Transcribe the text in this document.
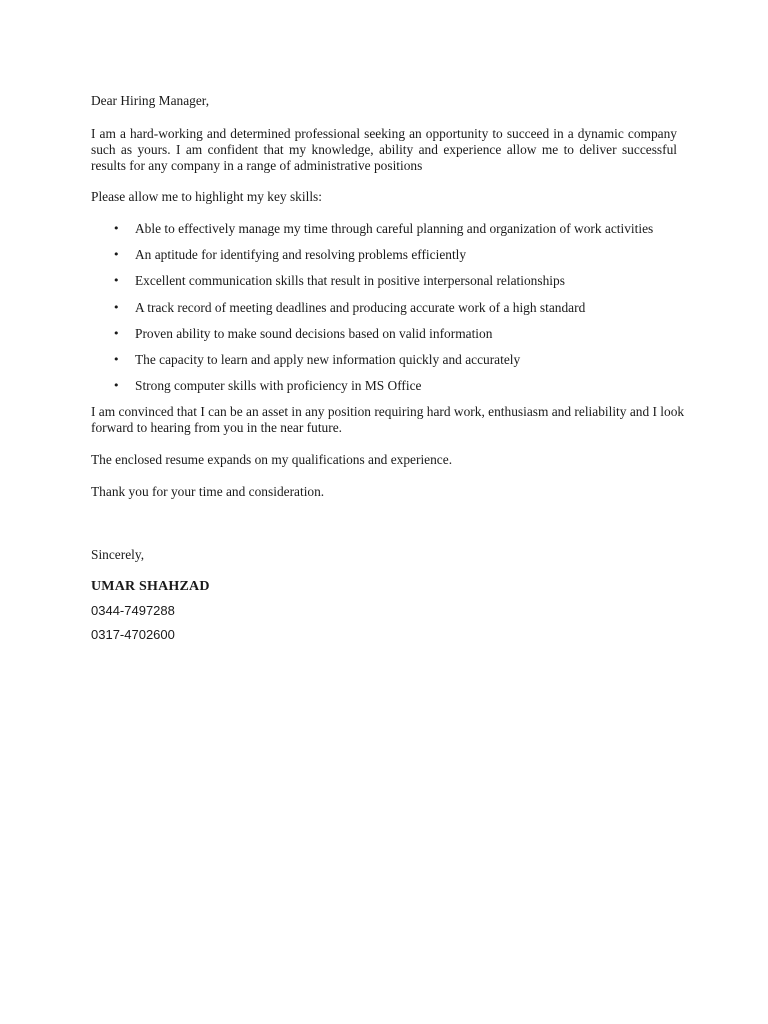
Dear Hiring Manager,

I am a hard-working and determined professional seeking an opportunity to succeed in a dynamic company such as yours. I am confident that my knowledge, ability and experience allow me to deliver successful results for any company in a range of administrative positions

Please allow me to highlight my key skills:

• Able to effectively manage my time through careful planning and organization of work activities
• An aptitude for identifying and resolving problems efficiently
• Excellent communication skills that result in positive interpersonal relationships
• A track record of meeting deadlines and producing accurate work of a high standard
• Proven ability to make sound decisions based on valid information
• The capacity to learn and apply new information quickly and accurately
• Strong computer skills with proficiency in MS Office

I am convinced that I can be an asset in any position requiring hard work, enthusiasm and reliability and I look forward to hearing from you in the near future.

The enclosed resume expands on my qualifications and experience.

Thank you for your time and consideration.

Sincerely,

UMAR SHAHZAD

0344-7497288

0317-4702600
